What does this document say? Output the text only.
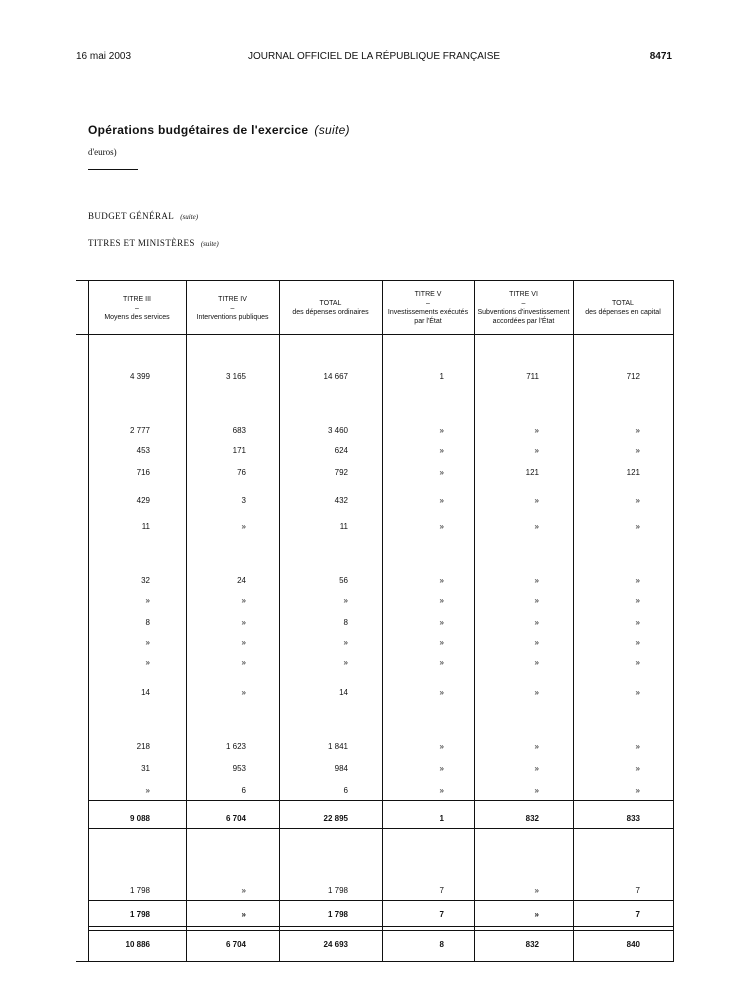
16 mai 2003	JOURNAL OFFICIEL DE LA RÉPUBLIQUE FRANÇAISE	8471
Opérations budgétaires de l'exercice (suite)
d'euros)
BUDGET GÉNÉRAL (suite)
TITRES ET MINISTÈRES (suite)
TITRE III
–
Moyens des services
TITRE IV
–
Interventions publiques
TOTAL
des dépenses ordinaires
TITRE V
–
Investissements exécutés par l'État
TITRE VI
–
Subventions d'investissement accordées par l'État
TOTAL
des dépenses en capital
4 399	3 165	14 667	1	711	712
2 777	683	3 460	»	»	»
453	171	624	»	»	»
716	76	792	»	121	121
429	3	432	»	»	»
11	»	11	»	»	»
32	24	56	»	»	»
»	»	»	»	»	»
8	»	8	»	»	»
»	»	»	»	»	»
»	»	»	»	»	»
14	»	14	»	»	»
218	1 623	1 841	»	»	»
31	953	984	»	»	»
»	6	6	»	»	»
9 088	6 704	22 895	1	832	833
1 798	»	1 798	7	»	7
1 798	»	1 798	7	»	7
10 886	6 704	24 693	8	832	840
